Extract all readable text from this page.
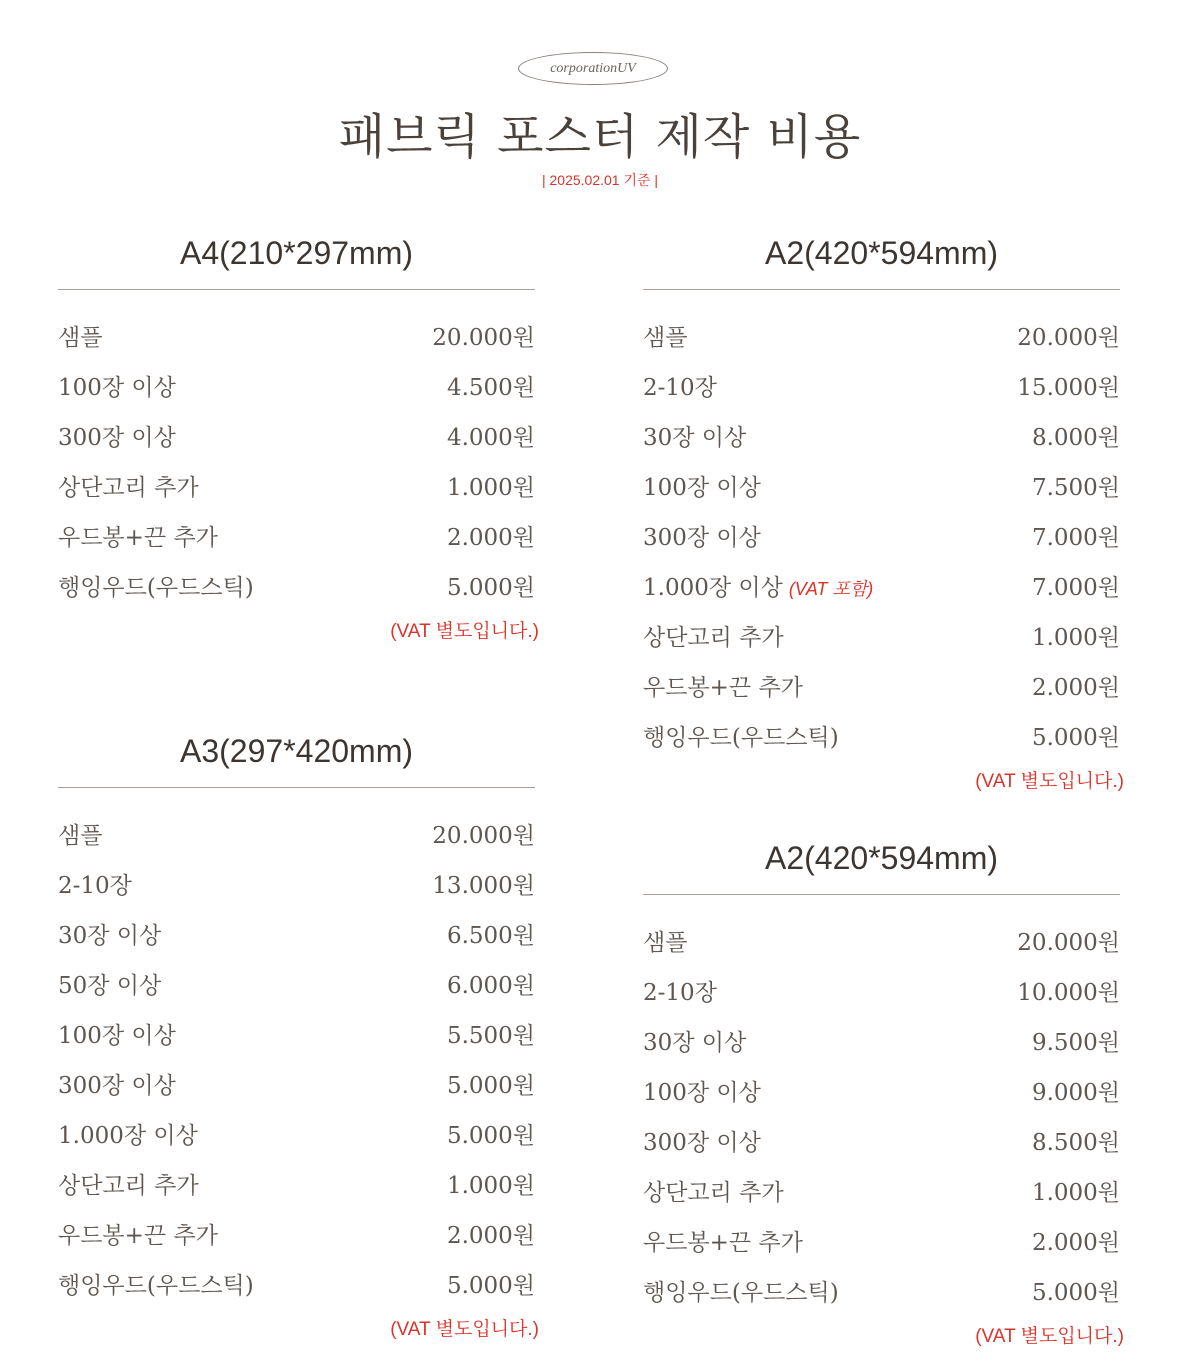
corporationUV
패브릭 포스터 제작 비용
| 2025.02.01 기준 |
A4(210*297mm)
샘플	20.000원
100장 이상	4.500원
300장 이상	4.000원
상단고리 추가	1.000원
우드봉+끈 추가	2.000원
행잉우드(우드스틱)	5.000원
(VAT 별도입니다.)
A3(297*420mm)
샘플	20.000원
2-10장	13.000원
30장 이상	6.500원
50장 이상	6.000원
100장 이상	5.500원
300장 이상	5.000원
1.000장 이상	5.000원
상단고리 추가	1.000원
우드봉+끈 추가	2.000원
행잉우드(우드스틱)	5.000원
(VAT 별도입니다.)
A2(420*594mm)
샘플	20.000원
2-10장	15.000원
30장 이상	8.000원
100장 이상	7.500원
300장 이상	7.000원
1.000장 이상 (VAT 포함)	7.000원
상단고리 추가	1.000원
우드봉+끈 추가	2.000원
행잉우드(우드스틱)	5.000원
(VAT 별도입니다.)
A2(420*594mm)
샘플	20.000원
2-10장	10.000원
30장 이상	9.500원
100장 이상	9.000원
300장 이상	8.500원
상단고리 추가	1.000원
우드봉+끈 추가	2.000원
행잉우드(우드스틱)	5.000원
(VAT 별도입니다.)
